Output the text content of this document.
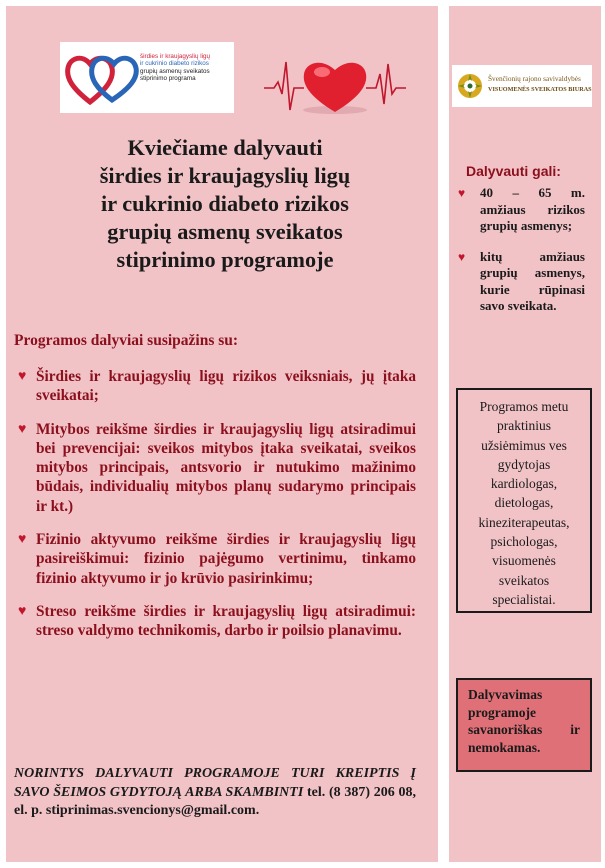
širdies ir kraujagyslių ligų
ir cukrinio diabeto rizikos
grupių asmenų sveikatos
stiprinimo programa
Kviečiame dalyvauti
širdies ir kraujagyslių ligų
ir cukrinio diabeto rizikos
grupių asmenų sveikatos
stiprinimo programoje
Programos dalyviai susipažins su:
♥ Širdies ir kraujagyslių ligų rizikos veiksniais, jų įtaka sveikatai;
♥ Mitybos reikšme širdies ir kraujagyslių ligų atsiradimui bei prevencijai: sveikos mitybos įtaka sveikatai, sveikos mitybos principais, antsvorio ir nutukimo mažinimo būdais, individualių mitybos planų sudarymo principais ir kt.)
♥ Fizinio aktyvumo reikšme širdies ir kraujagyslių ligų pasireiškimui: fizinio pajėgumo vertinimu, tinkamo fizinio aktyvumo ir jo krūvio pasirinkimu;
♥ Streso reikšme širdies ir kraujagyslių ligų atsiradimui: streso valdymo technikomis, darbo ir poilsio planavimu.
NORINTYS DALYVAUTI PROGRAMOJE TURI KREIPTIS Į SAVO ŠEIMOS GYDYTOJĄ ARBA SKAMBINTI tel. (8 387) 206 08, el. p. stiprinimas.svencionys@gmail.com.
Švenčionių rajono savivaldybės
VISUOMENĖS SVEIKATOS BIURAS
Dalyvauti gali:
♥ 40 – 65 m. amžiaus rizikos grupių asmenys;
♥ kitų amžiaus grupių asmenys, kurie rūpinasi savo sveikata.
Programos metu praktinius užsiėmimus ves gydytojas kardiologas, dietologas, kineziterapeutas, psichologas, visuomenės sveikatos specialistai.
Dalyvavimas programoje savanoriškas ir nemokamas.
